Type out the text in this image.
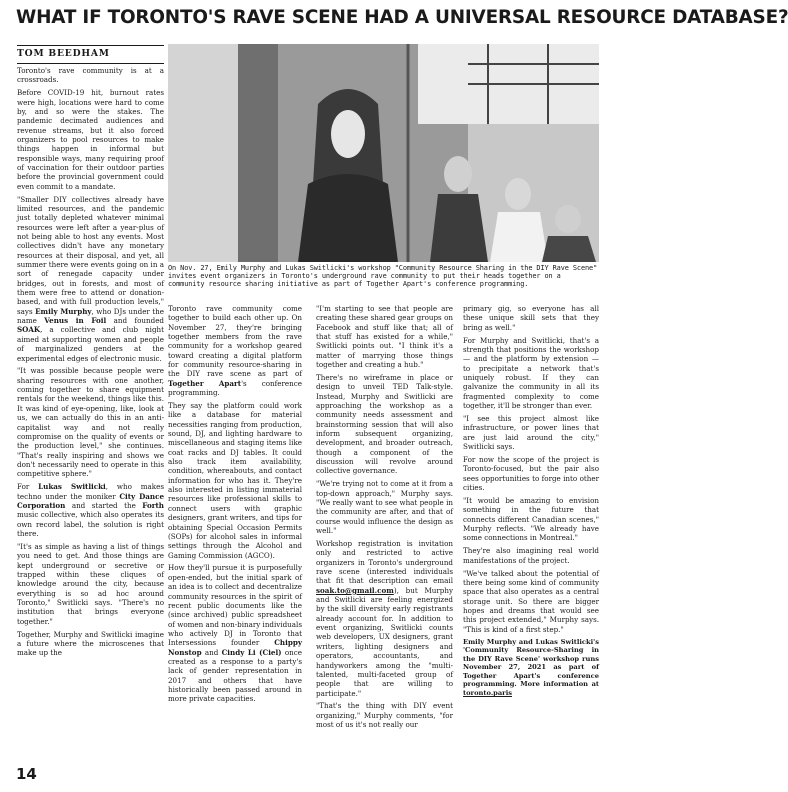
WHAT IF TORONTO'S RAVE SCENE HAD A UNIVERSAL RESOURCE DATABASE?
TOM BEEDHAM

Toronto's rave community is at a crossroads.

Before COVID-19 hit, burnout rates were high, locations were hard to come by, and so were the stakes. The pandemic decimated audiences and revenue streams, but it also forced organizers to pool resources to make things happen in informal but responsible ways, many requiring proof of vaccination for their outdoor parties before the provincial government could even commit to a mandate.

"Smaller DIY collectives already have limited resources, and the pandemic just totally depleted whatever minimal resources were left after a year-plus of not being able to host any events. Most collectives didn't have any monetary resources at their disposal, and yet, all summer there were events going on in a sort of renegade capacity under bridges, out in forests, and most of them were free to attend or donation-based, and with full production levels," says Emily Murphy, who DJs under the name Venus in Foil and founded SOAK, a collective and club night aimed at supporting women and people of marginalized genders at the experimental edges of electronic music.

"It was possible because people were sharing resources with one another, coming together to share equipment rentals for the weekend, things like this. It was kind of eye-opening, like, look at us, we can actually do this in an anti-capitalist way and not really compromise on the quality of events or the production level," she continues. "That's really inspiring and shows we don't necessarily need to operate in this competitive sphere."

For Lukas Switlicki, who makes techno under the moniker City Dance Corporation and started the Forth music collective, which also operates its own record label, the solution is right there.

"It's as simple as having a list of things you need to get. And those things are kept underground or secretive or trapped within these cliques of knowledge around the city, because everything is so ad hoc around Toronto," Switlicki says. "There's no institution that brings everyone together."

Together, Murphy and Switlicki imagine a future where the microscenes that make up the

On Nov. 27, Emily Murphy and Lukas Switlicki's workshop "Community Resource Sharing in the DIY Rave Scene" invites event organizers in Toronto's underground rave community to put their heads together on a community resource sharing initiative as part of Together Apart's conference programming.

Toronto rave community come together to build each other up. On November 27, they're bringing together members from the rave community for a workshop geared toward creating a digital platform for community resource-sharing in the DIY rave scene as part of Together Apart's conference programming.

They say the platform could work like a database for material necessities ranging from production, sound, DJ, and lighting hardware to miscellaneous and staging items like coat racks and DJ tables. It could also track item availability, condition, whereabouts, and contact information for who has it. They're also interested in listing immaterial resources like professional skills to connect users with graphic designers, grant writers, and tips for obtaining Special Occasion Permits (SOPs) for alcohol sales in informal settings through the Alcohol and Gaming Commission (AGCO).

How they'll pursue it is purposefully open-ended, but the initial spark of an idea is to collect and decentralize community resources in the spirit of recent public documents like the (since archived) public spreadsheet of women and non-binary individuals who actively DJ in Toronto that Intersessions founder Chippy Nonstop and Cindy Li (Ciel) once created as a response to a party's lack of gender representation in 2017 and others that have historically been passed around in more private capacities.

"I'm starting to see that people are creating these shared gear groups on Facebook and stuff like that; all of that stuff has existed for a while," Switlicki points out. "I think it's a matter of marrying those things together and creating a hub."

There's no wireframe in place or design to unveil TED Talk-style. Instead, Murphy and Switlicki are approaching the workshop as a community needs assessment and brainstorming session that will also inform subsequent organizing, development, and broader outreach, though a component of the discussion will revolve around collective governance.

"We're trying not to come at it from a top-down approach," Murphy says. "We really want to see what people in the community are after, and that of course would influence the design as well."

Workshop registration is invitation only and restricted to active organizers in Toronto's underground rave scene (interested individuals that fit that description can email soak.to@gmail.com), but Murphy and Switlicki are feeling energized by the skill diversity early registrants already account for. In addition to event organizing, Switlicki counts web developers, UX designers, grant writers, lighting designers and operators, accountants, and handyworkers among the "multi-talented, multi-faceted group of people that are willing to participate."

"That's the thing with DIY event organizing," Murphy comments, "for most of us it's not really our

primary gig, so everyone has all these unique skill sets that they bring as well."

For Murphy and Switlicki, that's a strength that positions the workshop — and the platform by extension — to precipitate a network that's uniquely robust. If they can galvanize the community in all its fragmented complexity to come together, it'll be stronger than ever.

"I see this project almost like infrastructure, or power lines that are just laid around the city," Switlicki says.

For now the scope of the project is Toronto-focused, but the pair also sees opportunities to forge into other cities.

"It would be amazing to envision something in the future that connects different Canadian scenes," Murphy reflects. "We already have some connections in Montreal."

They're also imagining real world manifestations of the project.

"We've talked about the potential of there being some kind of community space that also operates as a central storage unit. So there are bigger hopes and dreams that would see this project extended," Murphy says. "This is kind of a first step."

Emily Murphy and Lukas Switlicki's 'Community Resource-Sharing in the DIY Rave Scene' workshop runs November 27, 2021 as part of Together Apart's conference programming. More information at toronto.paris

14
